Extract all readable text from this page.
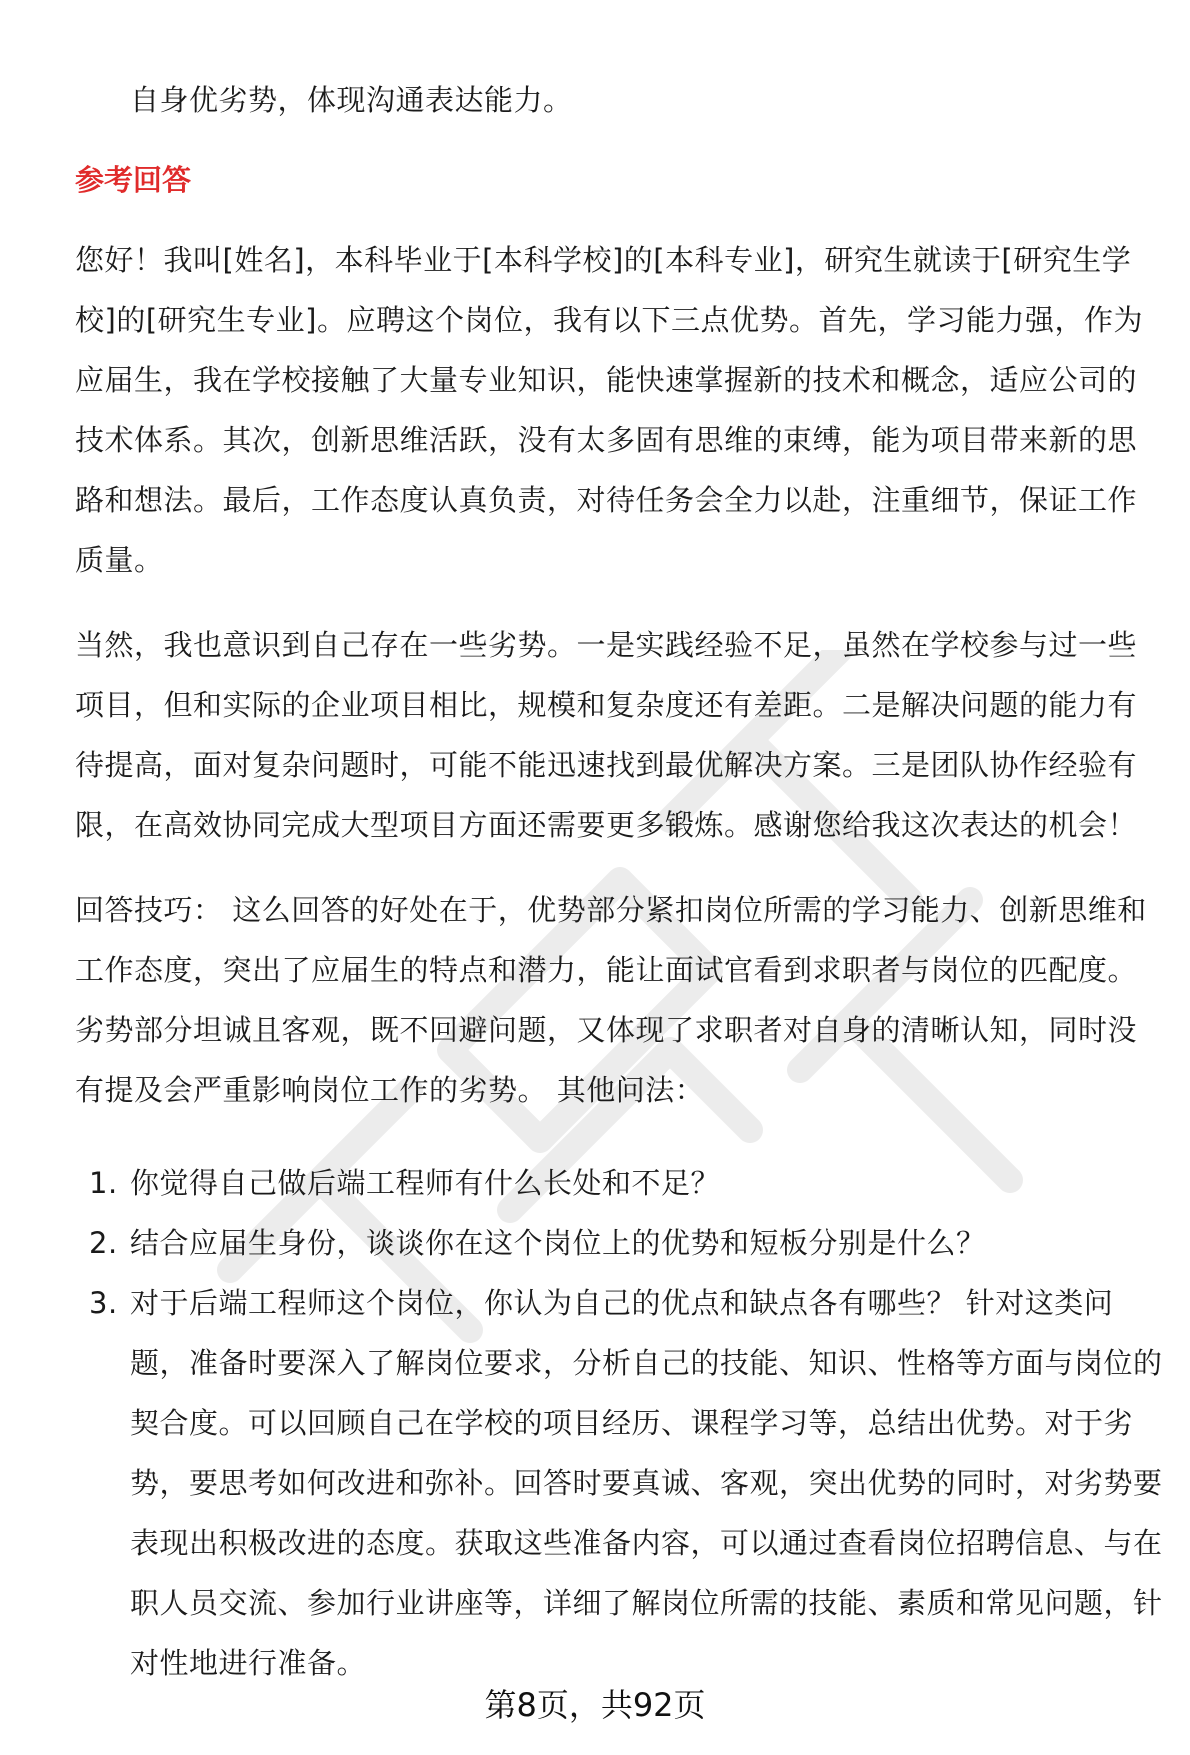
自身优劣势，体现沟通表达能力。

参考回答

您好！我叫[姓名]，本科毕业于[本科学校]的[本科专业]，研究生就读于[研究生学校]的[研究生专业]。应聘这个岗位，我有以下三点优势。首先，学习能力强，作为应届生，我在学校接触了大量专业知识，能快速掌握新的技术和概念，适应公司的技术体系。其次，创新思维活跃，没有太多固有思维的束缚，能为项目带来新的思路和想法。最后，工作态度认真负责，对待任务会全力以赴，注重细节，保证工作质量。

当然，我也意识到自己存在一些劣势。一是实践经验不足，虽然在学校参与过一些项目，但和实际的企业项目相比，规模和复杂度还有差距。二是解决问题的能力有待提高，面对复杂问题时，可能不能迅速找到最优解决方案。三是团队协作经验有限，在高效协同完成大型项目方面还需要更多锻炼。感谢您给我这次表达的机会！

回答技巧： 这么回答的好处在于，优势部分紧扣岗位所需的学习能力、创新思维和工作态度，突出了应届生的特点和潜力，能让面试官看到求职者与岗位的匹配度。劣势部分坦诚且客观，既不回避问题，又体现了求职者对自身的清晰认知，同时没有提及会严重影响岗位工作的劣势。 其他问法：

1. 你觉得自己做后端工程师有什么长处和不足？
2. 结合应届生身份，谈谈你在这个岗位上的优势和短板分别是什么？
3. 对于后端工程师这个岗位，你认为自己的优点和缺点各有哪些？ 针对这类问题，准备时要深入了解岗位要求，分析自己的技能、知识、性格等方面与岗位的契合度。可以回顾自己在学校的项目经历、课程学习等，总结出优势。对于劣势，要思考如何改进和弥补。回答时要真诚、客观，突出优势的同时，对劣势要表现出积极改进的态度。获取这些准备内容，可以通过查看岗位招聘信息、与在职人员交流、参加行业讲座等，详细了解岗位所需的技能、素质和常见问题，针对性地进行准备。
第8页，共92页
